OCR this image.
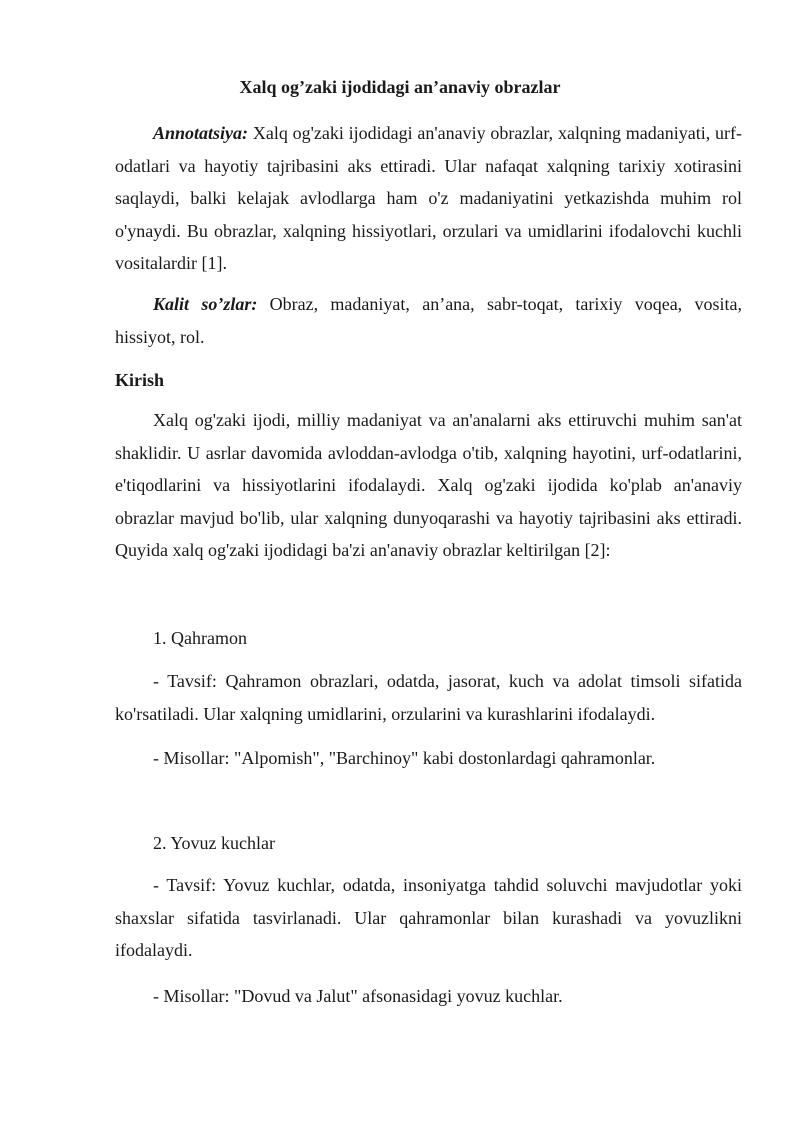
Xalq og’zaki ijodidagi an’anaviy obrazlar

Annotatsiya: Xalq og'zaki ijodidagi an'anaviy obrazlar, xalqning madaniyati, urf-odatlari va hayotiy tajribasini aks ettiradi. Ular nafaqat xalqning tarixiy xotirasini saqlaydi, balki kelajak avlodlarga ham o'z madaniyatini yetkazishda muhim rol o'ynaydi. Bu obrazlar, xalqning hissiyotlari, orzulari va umidlarini ifodalovchi kuchli vositalardir [1].

Kalit so’zlar: Obraz, madaniyat, an’ana, sabr-toqat, tarixiy voqea, vosita, hissiyot, rol.

Kirish

Xalq og'zaki ijodi, milliy madaniyat va an'analarni aks ettiruvchi muhim san'at shaklidir. U asrlar davomida avloddan-avlodga o'tib, xalqning hayotini, urf-odatlarini, e'tiqodlarini va hissiyotlarini ifodalaydi. Xalq og'zaki ijodida ko'plab an'anaviy obrazlar mavjud bo'lib, ular xalqning dunyoqarashi va hayotiy tajribasini aks ettiradi. Quyida xalq og'zaki ijodidagi ba'zi an'anaviy obrazlar keltirilgan [2]:

1. Qahramon

- Tavsif: Qahramon obrazlari, odatda, jasorat, kuch va adolat timsoli sifatida ko'rsatiladi. Ular xalqning umidlarini, orzularini va kurashlarini ifodalaydi.

- Misollar: "Alpomish", "Barchinoy" kabi dostonlardagi qahramonlar.
2. Yovuz kuchlar

- Tavsif: Yovuz kuchlar, odatda, insoniyatga tahdid soluvchi mavjudotlar yoki shaxslar sifatida tasvirlanadi. Ular qahramonlar bilan kurashadi va yovuzlikni ifodalaydi.

- Misollar: "Dovud va Jalut" afsonasidagi yovuz kuchlar.
